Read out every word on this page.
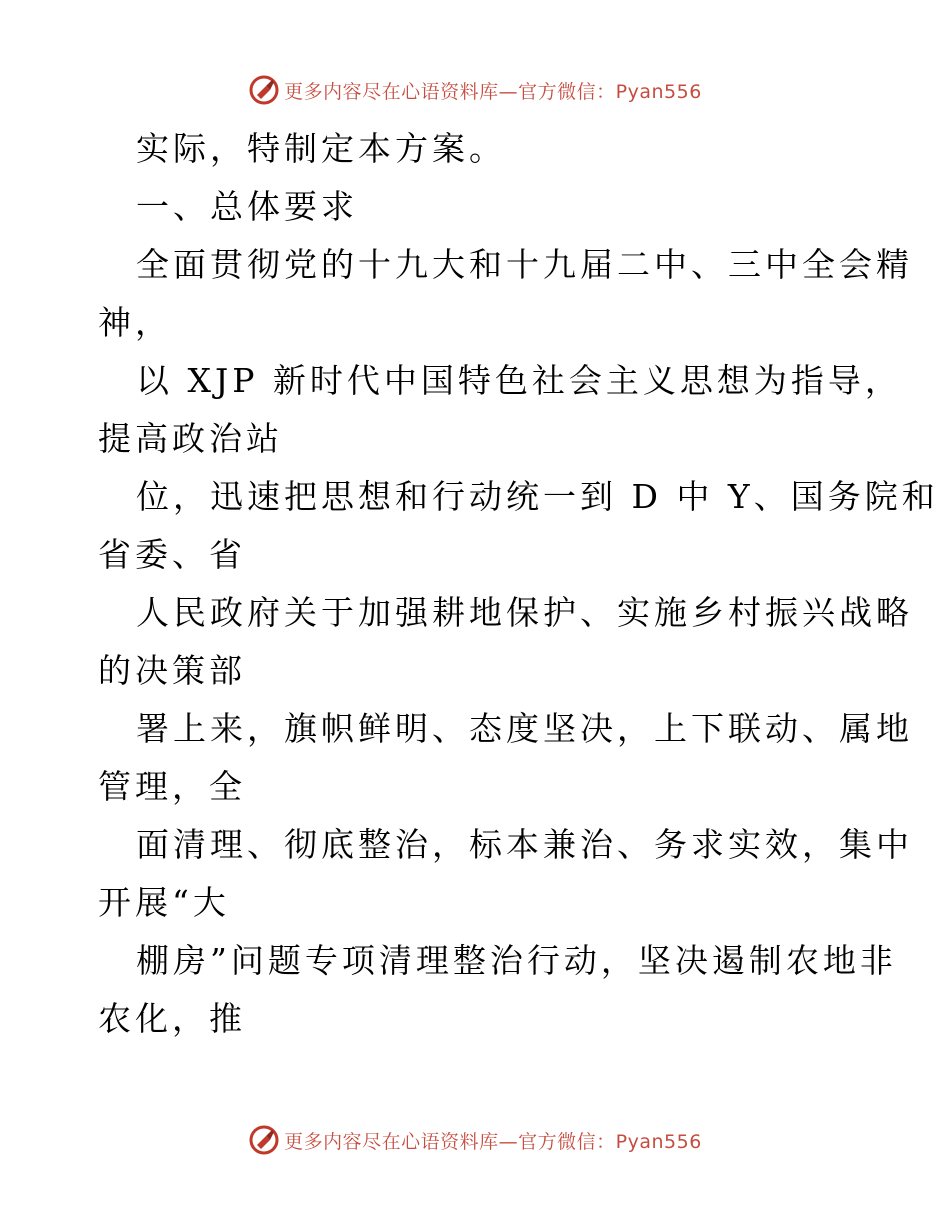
更多内容尽在心语资料库—官方微信：Pyan556
实际，特制定本方案。
一、总体要求
全面贯彻党的十九大和十九届二中、三中全会精
神，
以 XJP 新时代中国特色社会主义思想为指导，
提高政治站
位，迅速把思想和行动统一到 D 中 Y、国务院和
省委、省
人民政府关于加强耕地保护、实施乡村振兴战略
的决策部
署上来，旗帜鲜明、态度坚决，上下联动、属地
管理，全
面清理、彻底整治，标本兼治、务求实效，集中
开展“大
棚房”问题专项清理整治行动，坚决遏制农地非
农化，推
更多内容尽在心语资料库—官方微信：Pyan556
